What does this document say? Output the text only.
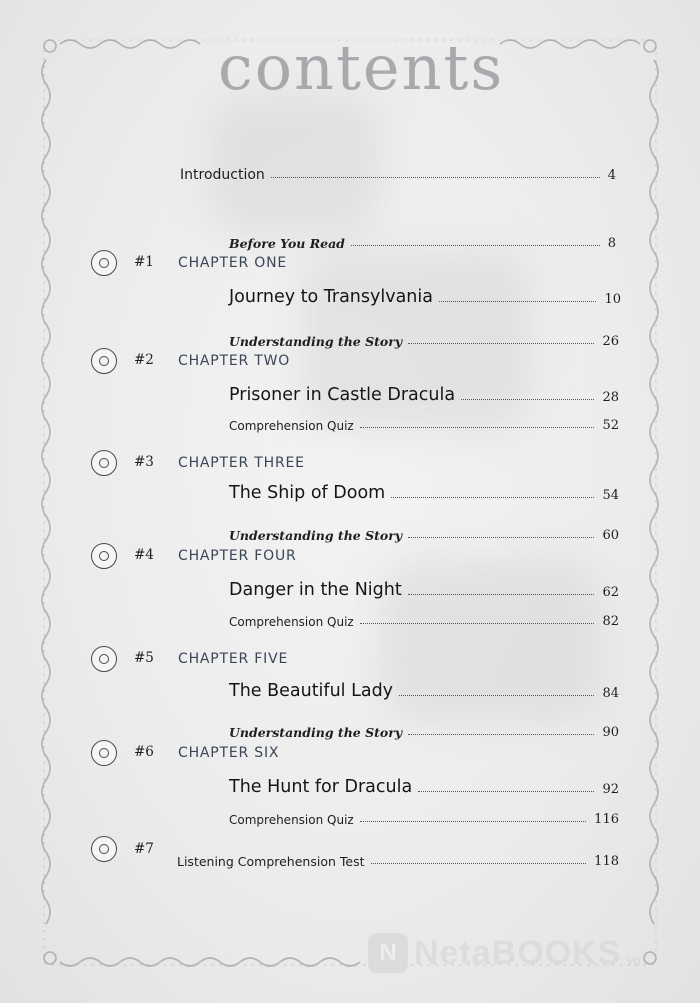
contents
Introduction	4
Before You Read	8
#1 CHAPTER ONE
Journey to Transylvania	10
Understanding the Story	26
#2 CHAPTER TWO
Prisoner in Castle Dracula	28
Comprehension Quiz	52
#3 CHAPTER THREE
The Ship of Doom	54
Understanding the Story	60
#4 CHAPTER FOUR
Danger in the Night	62
Comprehension Quiz	82
#5 CHAPTER FIVE
The Beautiful Lady	84
Understanding the Story	90
#6 CHAPTER SIX
The Hunt for Dracula	92
Comprehension Quiz	116
#7
Listening Comprehension Test	118
N NetaBOOKS .vn
